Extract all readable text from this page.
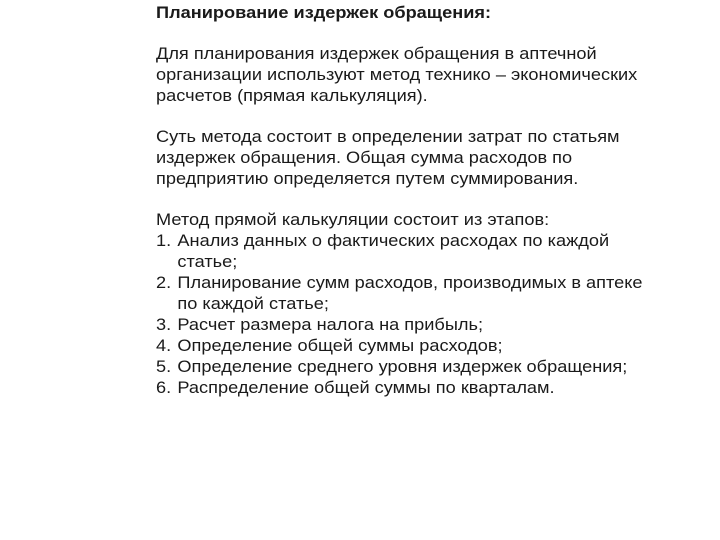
Планирование издержек обращения:

Для планирования издержек обращения в аптечной организации используют метод технико – экономических расчетов (прямая калькуляция).

Суть метода состоит в определении затрат по статьям издержек обращения. Общая сумма расходов по предприятию определяется путем суммирования.

Метод прямой калькуляции состоит из этапов:

1. Анализ данных о фактических расходах по каждой статье;
2. Планирование сумм расходов, производимых в аптеке по каждой статье;
3. Расчет размера налога на прибыль;
4. Определение общей суммы расходов;
5. Определение среднего уровня издержек обращения;
6. Распределение общей суммы по кварталам.
